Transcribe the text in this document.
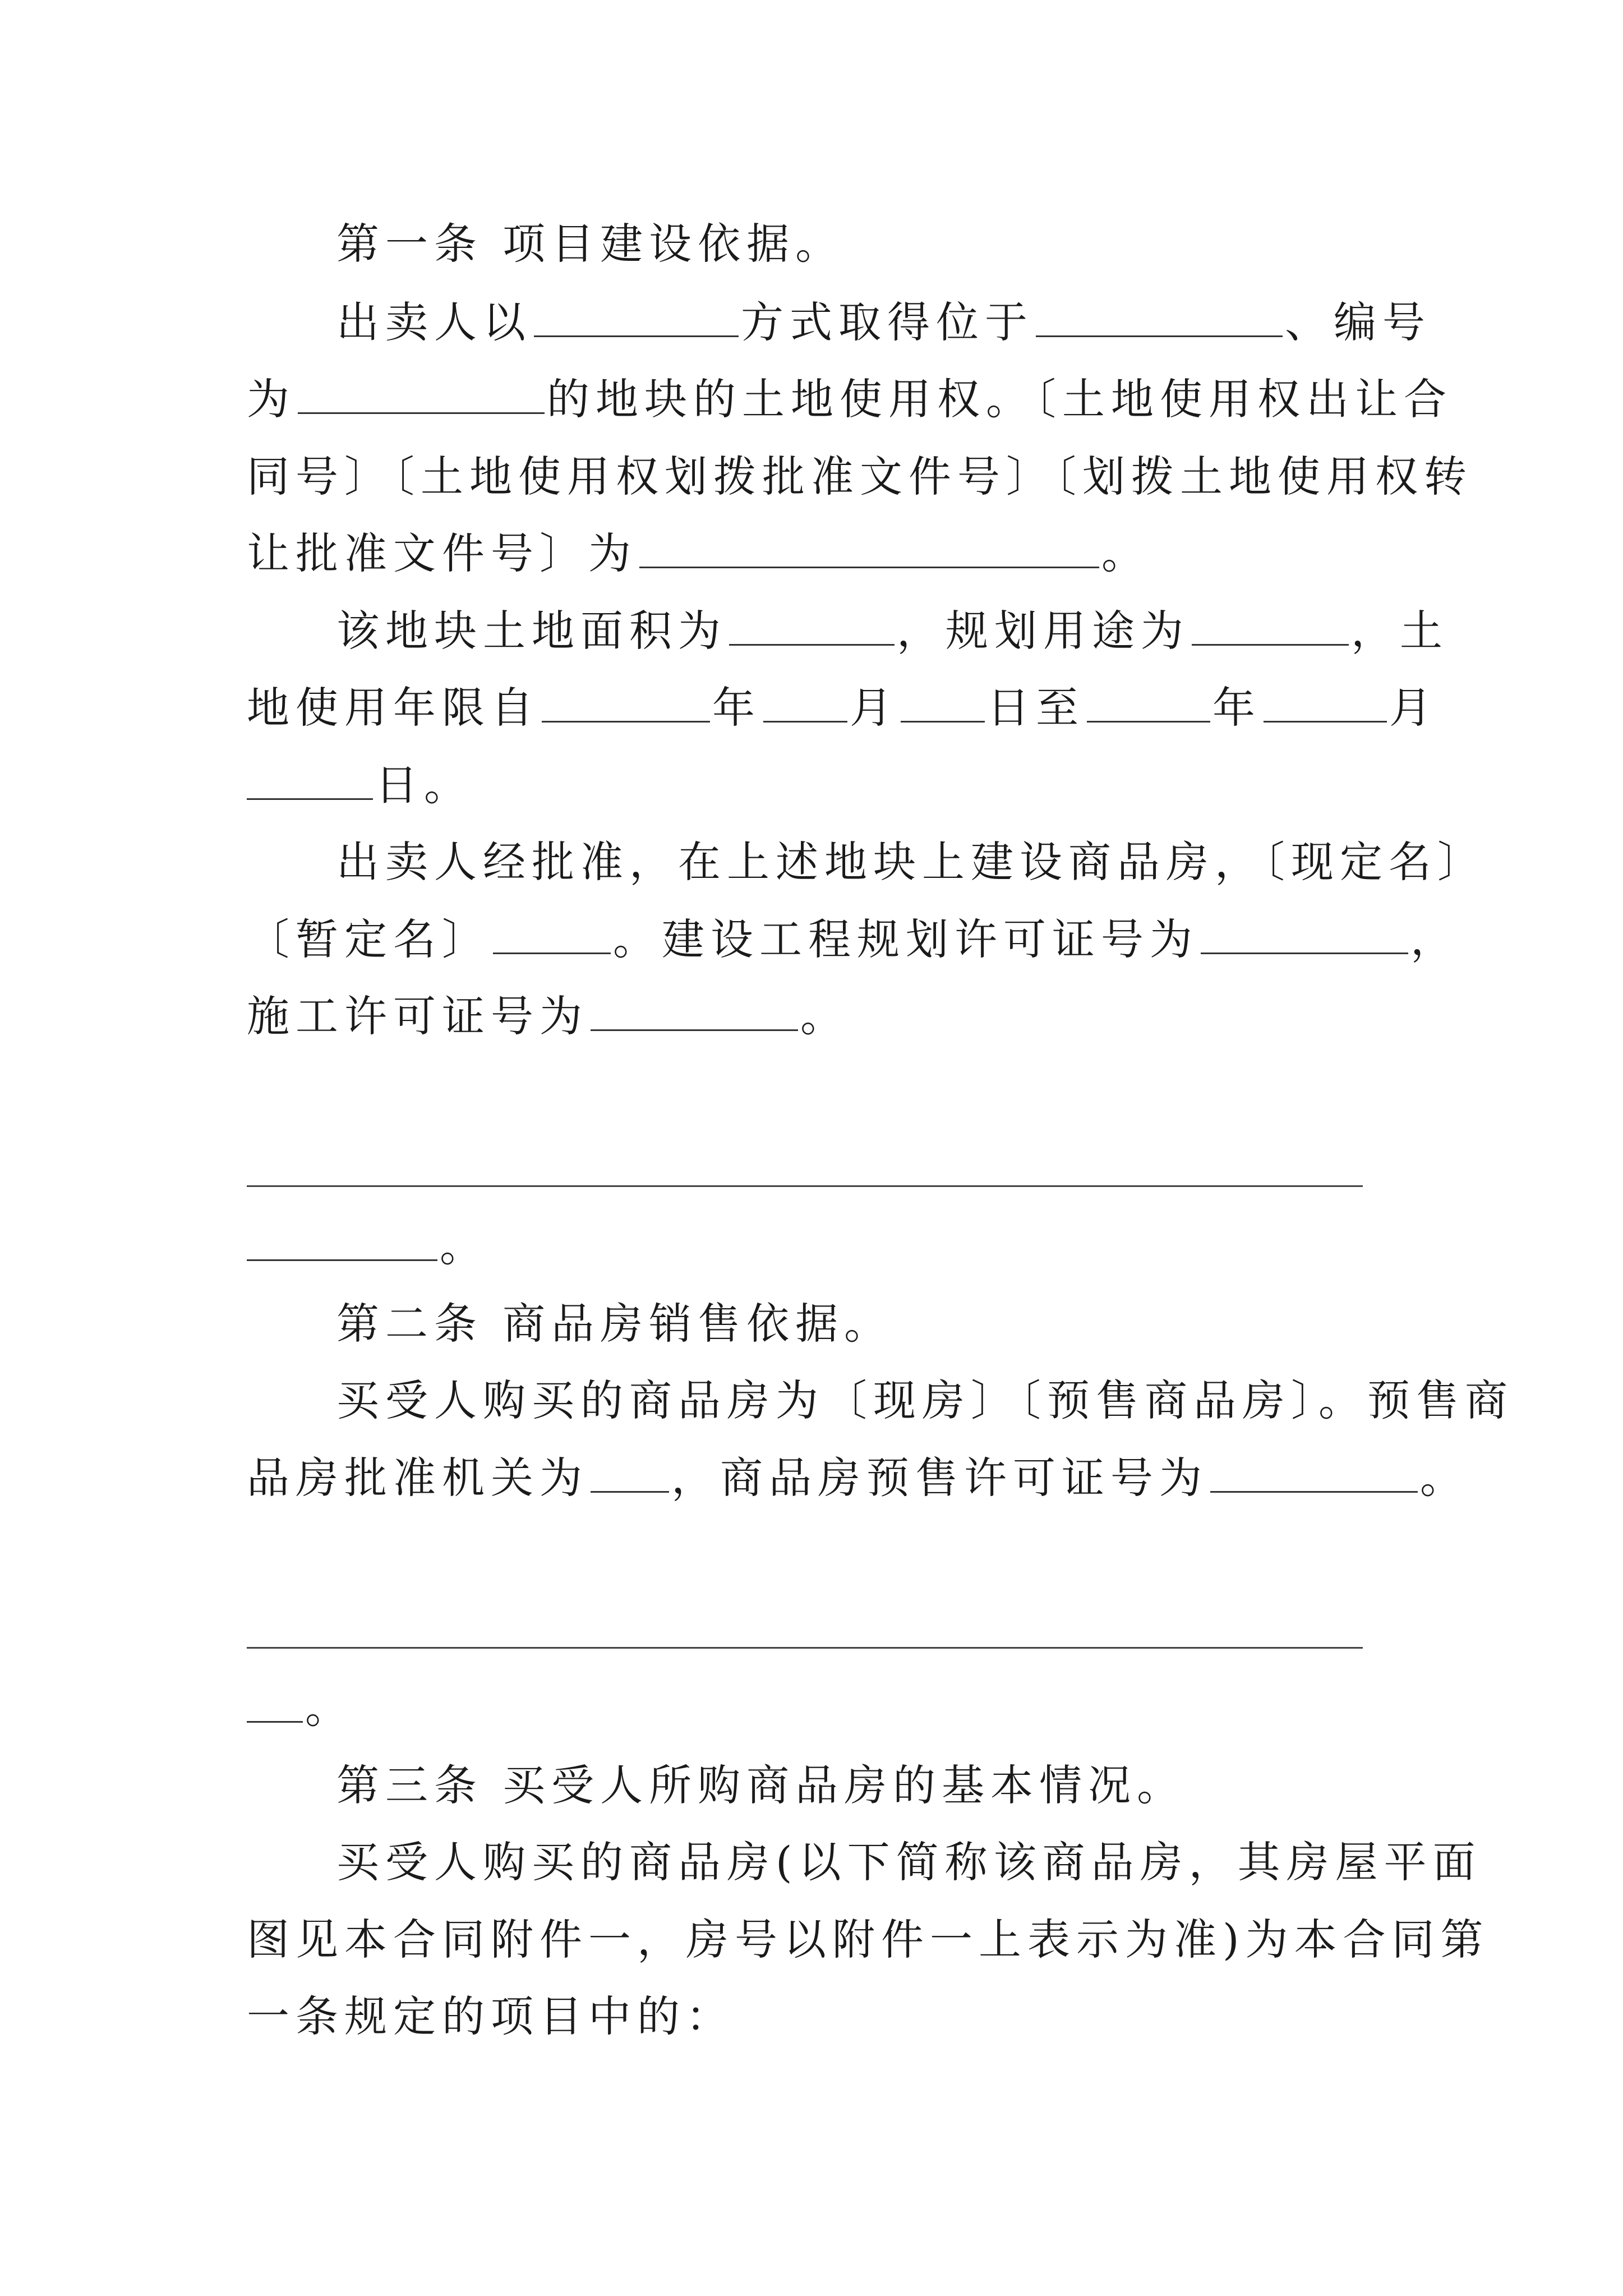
第一条 项目建设依据。
出卖人以	方式取得位于	、编号
为	的地块的土地使用权。〔土地使用权出让合
同号〕〔土地使用权划拨批准文件号〕〔划拨土地使用权转
让批准文件号〕为	。
该地块土地面积为	，规划用途为	，土
地使用年限自	年 月 日至	年	月
日。
出卖人经批准，在上述地块上建设商品房，〔现定名〕
〔暂定名〕	。建设工程规划许可证号为	，
施工许可证号为	。
。
第二条 商品房销售依据。
买受人购买的商品房为〔现房〕〔预售商品房〕。预售商
品房批准机关为 ，商品房预售许可证号为	。
。
第三条 买受人所购商品房的基本情况。
买受人购买的商品房(以下简称该商品房，其房屋平面
图见本合同附件一，房号以附件一上表示为准)为本合同第
一条规定的项目中的：
